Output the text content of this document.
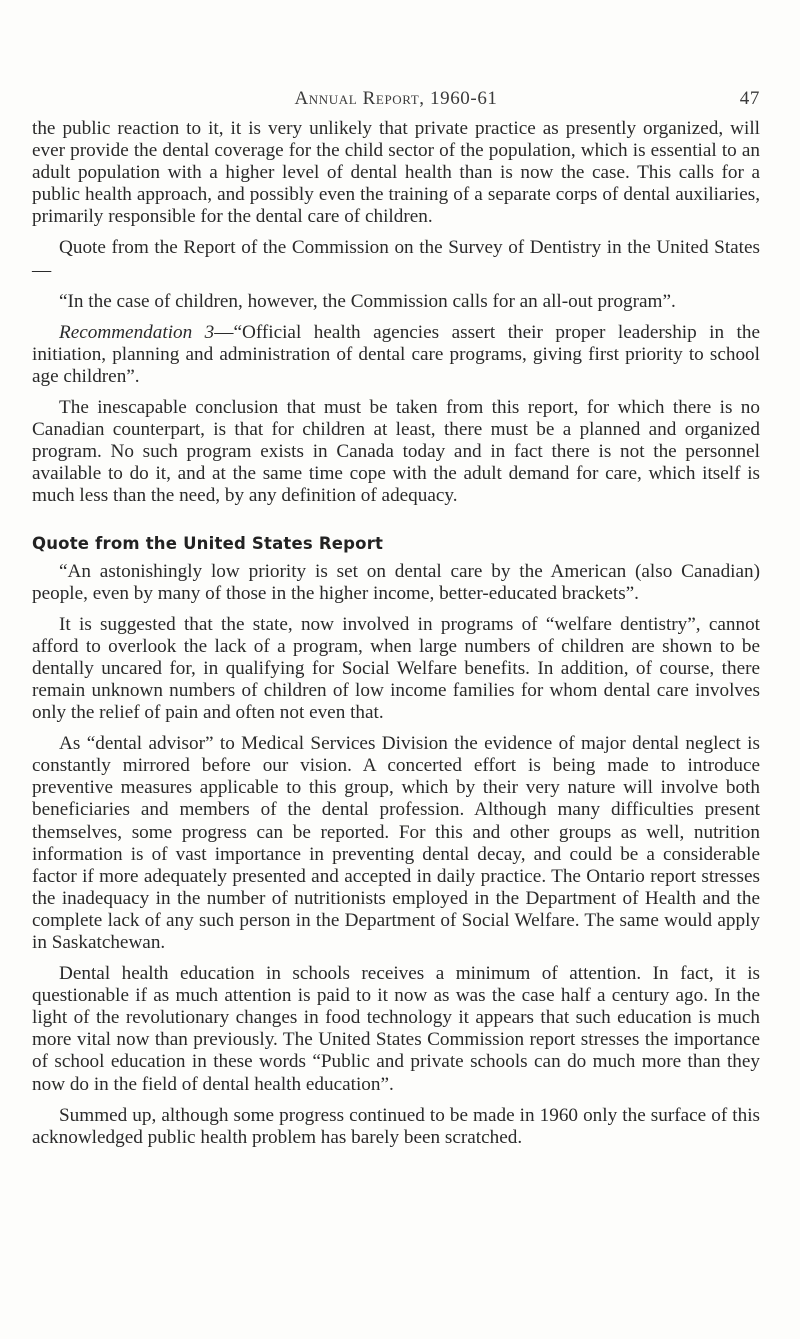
Annual Report, 1960-61	47

the public reaction to it, it is very unlikely that private practice as presently organized, will ever provide the dental coverage for the child sector of the population, which is essential to an adult population with a higher level of dental health than is now the case. This calls for a public health approach, and possibly even the training of a separate corps of dental auxiliaries, primarily responsible for the dental care of children.

Quote from the Report of the Commission on the Survey of Dentistry in the United States—

“In the case of children, however, the Commission calls for an all-out program”.

Recommendation 3—“Official health agencies assert their proper leadership in the initiation, planning and administration of dental care programs, giving first priority to school age children”.

The inescapable conclusion that must be taken from this report, for which there is no Canadian counterpart, is that for children at least, there must be a planned and organized program. No such program exists in Canada today and in fact there is not the personnel available to do it, and at the same time cope with the adult demand for care, which itself is much less than the need, by any definition of adequacy.

Quote from the United States Report

“An astonishingly low priority is set on dental care by the American (also Canadian) people, even by many of those in the higher income, better-educated brackets”.

It is suggested that the state, now involved in programs of “welfare dentistry”, cannot afford to overlook the lack of a program, when large numbers of children are shown to be dentally uncared for, in qualifying for Social Welfare benefits. In addition, of course, there remain unknown numbers of children of low income families for whom dental care involves only the relief of pain and often not even that.

As “dental advisor” to Medical Services Division the evidence of major dental neglect is constantly mirrored before our vision. A concerted effort is being made to introduce preventive measures applicable to this group, which by their very nature will involve both beneficiaries and members of the dental profession. Although many difficulties present themselves, some progress can be reported. For this and other groups as well, nutrition information is of vast importance in preventing dental decay, and could be a considerable factor if more adequately presented and accepted in daily practice. The Ontario report stresses the inadequacy in the number of nutritionists employed in the Department of Health and the complete lack of any such person in the Department of Social Welfare. The same would apply in Saskatchewan.

Dental health education in schools receives a minimum of attention. In fact, it is questionable if as much attention is paid to it now as was the case half a century ago. In the light of the revolutionary changes in food technology it appears that such education is much more vital now than previously. The United States Commission report stresses the importance of school education in these words “Public and private schools can do much more than they now do in the field of dental health education”.

Summed up, although some progress continued to be made in 1960 only the surface of this acknowledged public health problem has barely been scratched.
